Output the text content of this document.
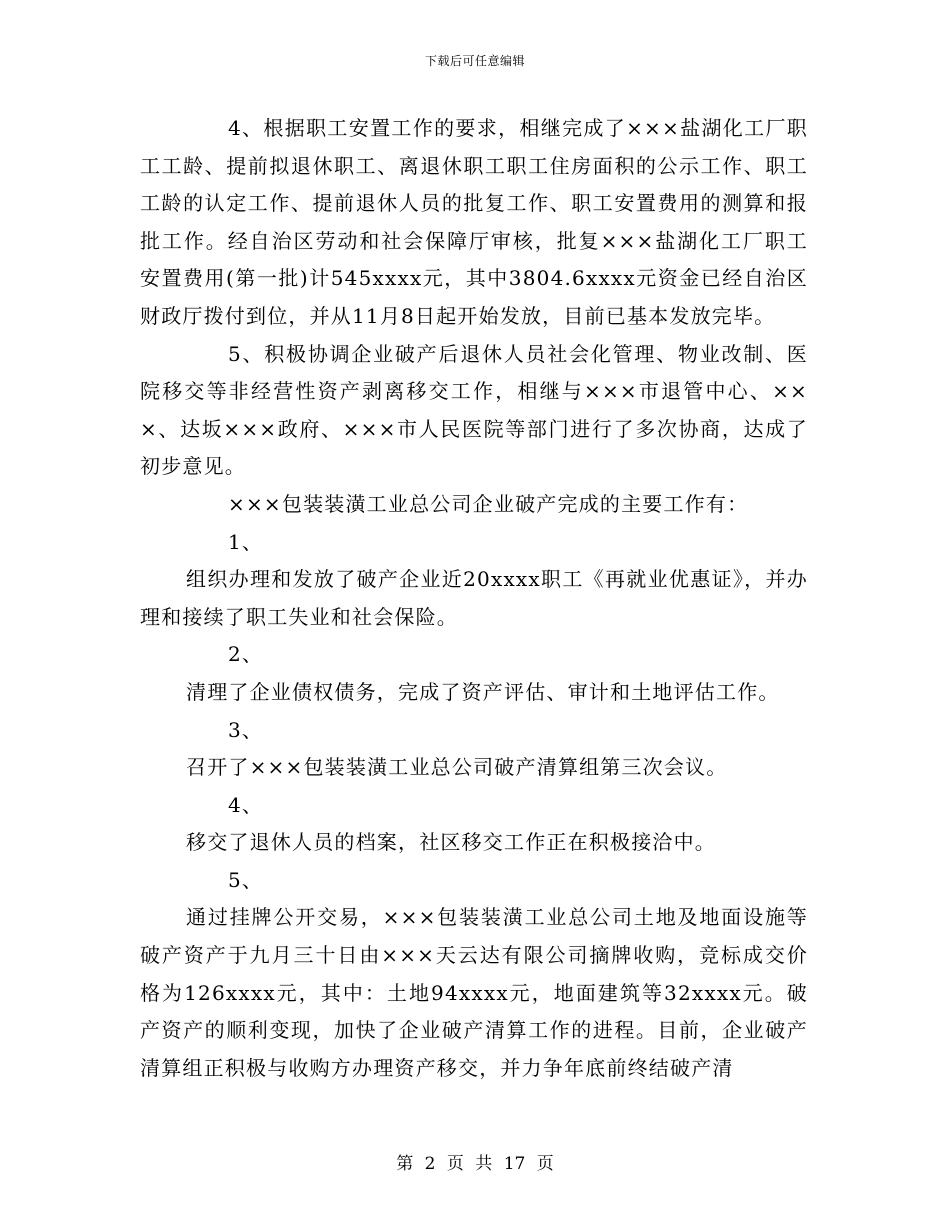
下载后可任意编辑

4、根据职工安置工作的要求，相继完成了×××盐湖化工厂职工工龄、提前拟退休职工、离退休职工职工住房面积的公示工作、职工工龄的认定工作、提前退休人员的批复工作、职工安置费用的测算和报批工作。经自治区劳动和社会保障厅审核，批复×××盐湖化工厂职工安置费用(第一批)计545xxxx元，其中3804.6xxxx元资金已经自治区财政厅拨付到位，并从11月8日起开始发放，目前已基本发放完毕。

5、积极协调企业破产后退休人员社会化管理、物业改制、医院移交等非经营性资产剥离移交工作，相继与×××市退管中心、×××、达坂×××政府、×××市人民医院等部门进行了多次协商，达成了初步意见。

×××包装装潢工业总公司企业破产完成的主要工作有：

1、

组织办理和发放了破产企业近20xxxx职工《再就业优惠证》，并办理和接续了职工失业和社会保险。

2、

清理了企业债权债务，完成了资产评估、审计和土地评估工作。

3、

召开了×××包装装潢工业总公司破产清算组第三次会议。

4、

移交了退休人员的档案，社区移交工作正在积极接洽中。

5、

通过挂牌公开交易，×××包装装潢工业总公司土地及地面设施等破产资产于九月三十日由×××天云达有限公司摘牌收购，竞标成交价格为126xxxx元，其中：土地94xxxx元，地面建筑等32xxxx元。破产资产的顺利变现，加快了企业破产清算工作的进程。目前，企业破产清算组正积极与收购方办理资产移交，并力争年底前终结破产清

第 2 页 共 17 页
